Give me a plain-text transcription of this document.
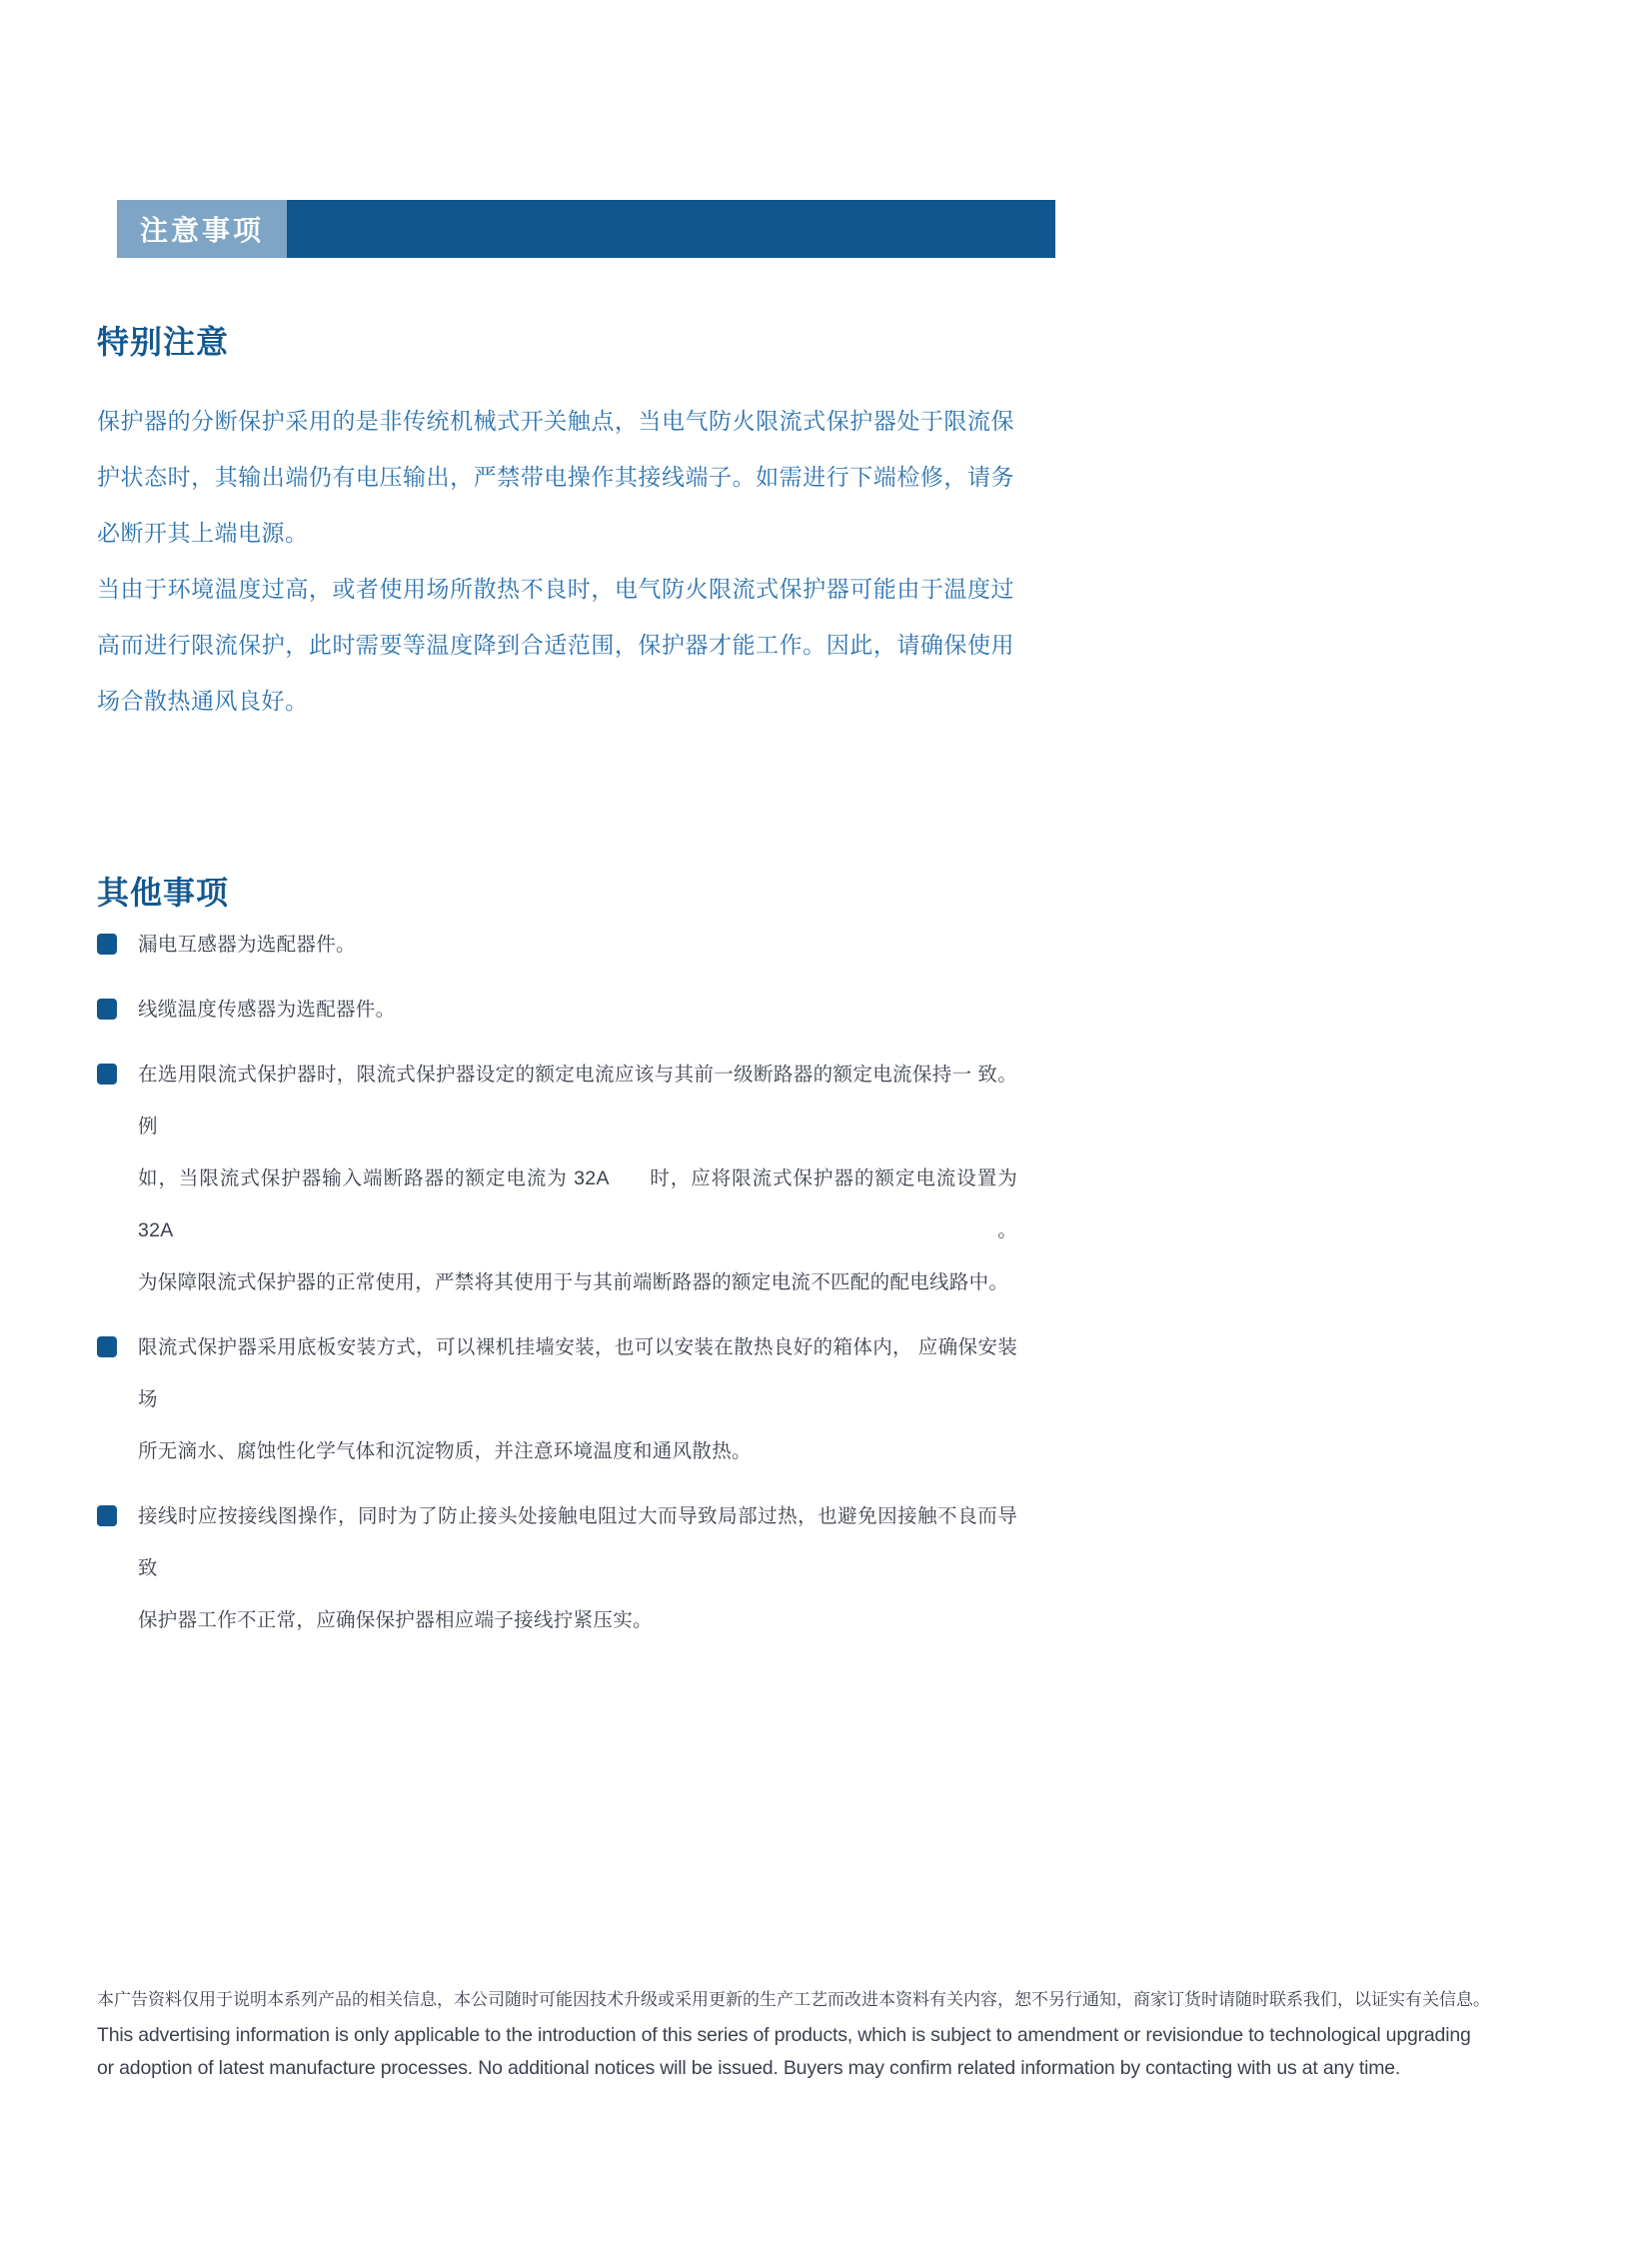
注意事项
特别注意
保护器的分断保护采用的是非传统机械式开关触点，当电气防火限流式保护器处于限流保
护状态时，其输出端仍有电压输出，严禁带电操作其接线端子。如需进行下端检修，请务
必断开其上端电源。
当由于环境温度过高，或者使用场所散热不良时，电气防火限流式保护器可能由于温度过
高而进行限流保护，此时需要等温度降到合适范围，保护器才能工作。因此，请确保使用
场合散热通风良好。
其他事项
漏电互感器为选配器件。
线缆温度传感器为选配器件。
在选用限流式保护器时，限流式保护器设定的额定电流应该与其前一级断路器的额定电流保持一 致。例
如，当限流式保护器输入端断路器的额定电流为 32A　　时，应将限流式保护器的额定电流设置为 32A。
为保障限流式保护器的正常使用，严禁将其使用于与其前端断路器的额定电流不匹配的配电线路中。
限流式保护器采用底板安装方式，可以裸机挂墙安装，也可以安装在散热良好的箱体内， 应确保安装场
所无滴水、腐蚀性化学气体和沉淀物质，并注意环境温度和通风散热。
接线时应按接线图操作，同时为了防止接头处接触电阻过大而导致局部过热，也避免因接触不良而导致
保护器工作不正常，应确保保护器相应端子接线拧紧压实。
本广告资料仅用于说明本系列产品的相关信息，本公司随时可能因技术升级或采用更新的生产工艺而改进本资料有关内容，恕不另行通知，商家订货时请随时联系我们，以证实有关信息。
This advertising information is only applicable to the introduction of this series of products, which is subject to amendment or revisiondue to technological upgrading
or adoption of latest manufacture processes. No additional notices will be issued. Buyers may confirm related information by contacting with us at any time.
